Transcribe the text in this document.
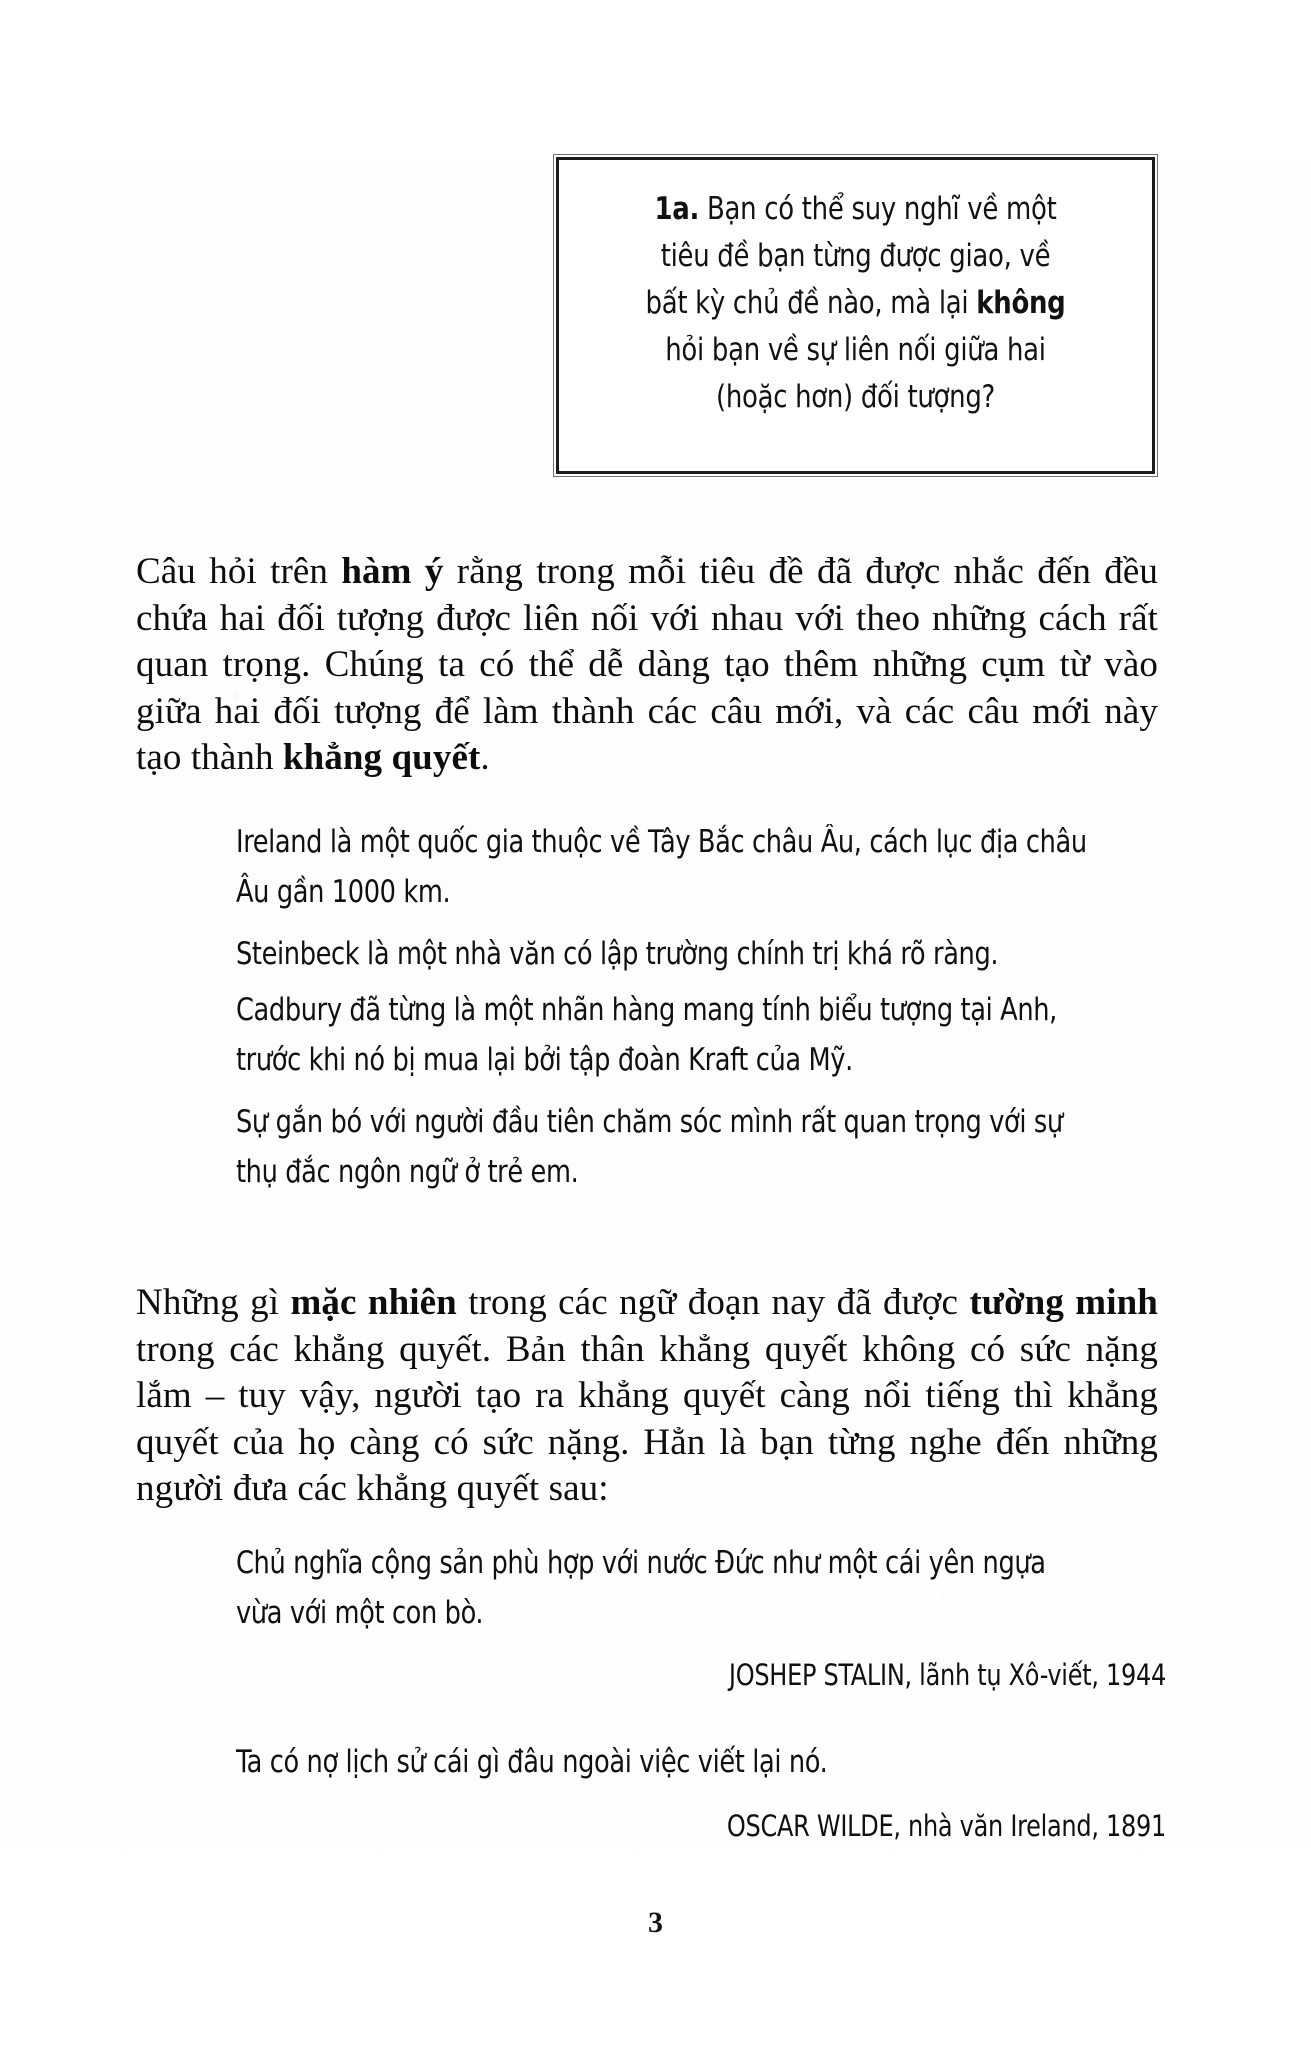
1a. Bạn có thể suy nghĩ về một
tiêu đề bạn từng được giao, về
bất kỳ chủ đề nào, mà lại không
hỏi bạn về sự liên nối giữa hai
(hoặc hơn) đối tượng?

Câu hỏi trên hàm ý rằng trong mỗi tiêu đề đã được nhắc đến đều chứa hai đối tượng được liên nối với nhau với theo những cách rất quan trọng. Chúng ta có thể dễ dàng tạo thêm những cụm từ vào giữa hai đối tượng để làm thành các câu mới, và các câu mới này tạo thành khẳng quyết.

Ireland là một quốc gia thuộc về Tây Bắc châu Âu, cách lục địa châu Âu gần 1000 km.
Steinbeck là một nhà văn có lập trường chính trị khá rõ ràng.
Cadbury đã từng là một nhãn hàng mang tính biểu tượng tại Anh, trước khi nó bị mua lại bởi tập đoàn Kraft của Mỹ.
Sự gắn bó với người đầu tiên chăm sóc mình rất quan trọng với sự thụ đắc ngôn ngữ ở trẻ em.

Những gì mặc nhiên trong các ngữ đoạn nay đã được tường minh trong các khẳng quyết. Bản thân khẳng quyết không có sức nặng lắm – tuy vậy, người tạo ra khẳng quyết càng nổi tiếng thì khẳng quyết của họ càng có sức nặng. Hẳn là bạn từng nghe đến những người đưa các khẳng quyết sau:

Chủ nghĩa cộng sản phù hợp với nước Đức như một cái yên ngựa vừa với một con bò.
JOSHEP STALIN, lãnh tụ Xô-viết, 1944
Ta có nợ lịch sử cái gì đâu ngoài việc viết lại nó.
OSCAR WILDE, nhà văn Ireland, 1891
3
